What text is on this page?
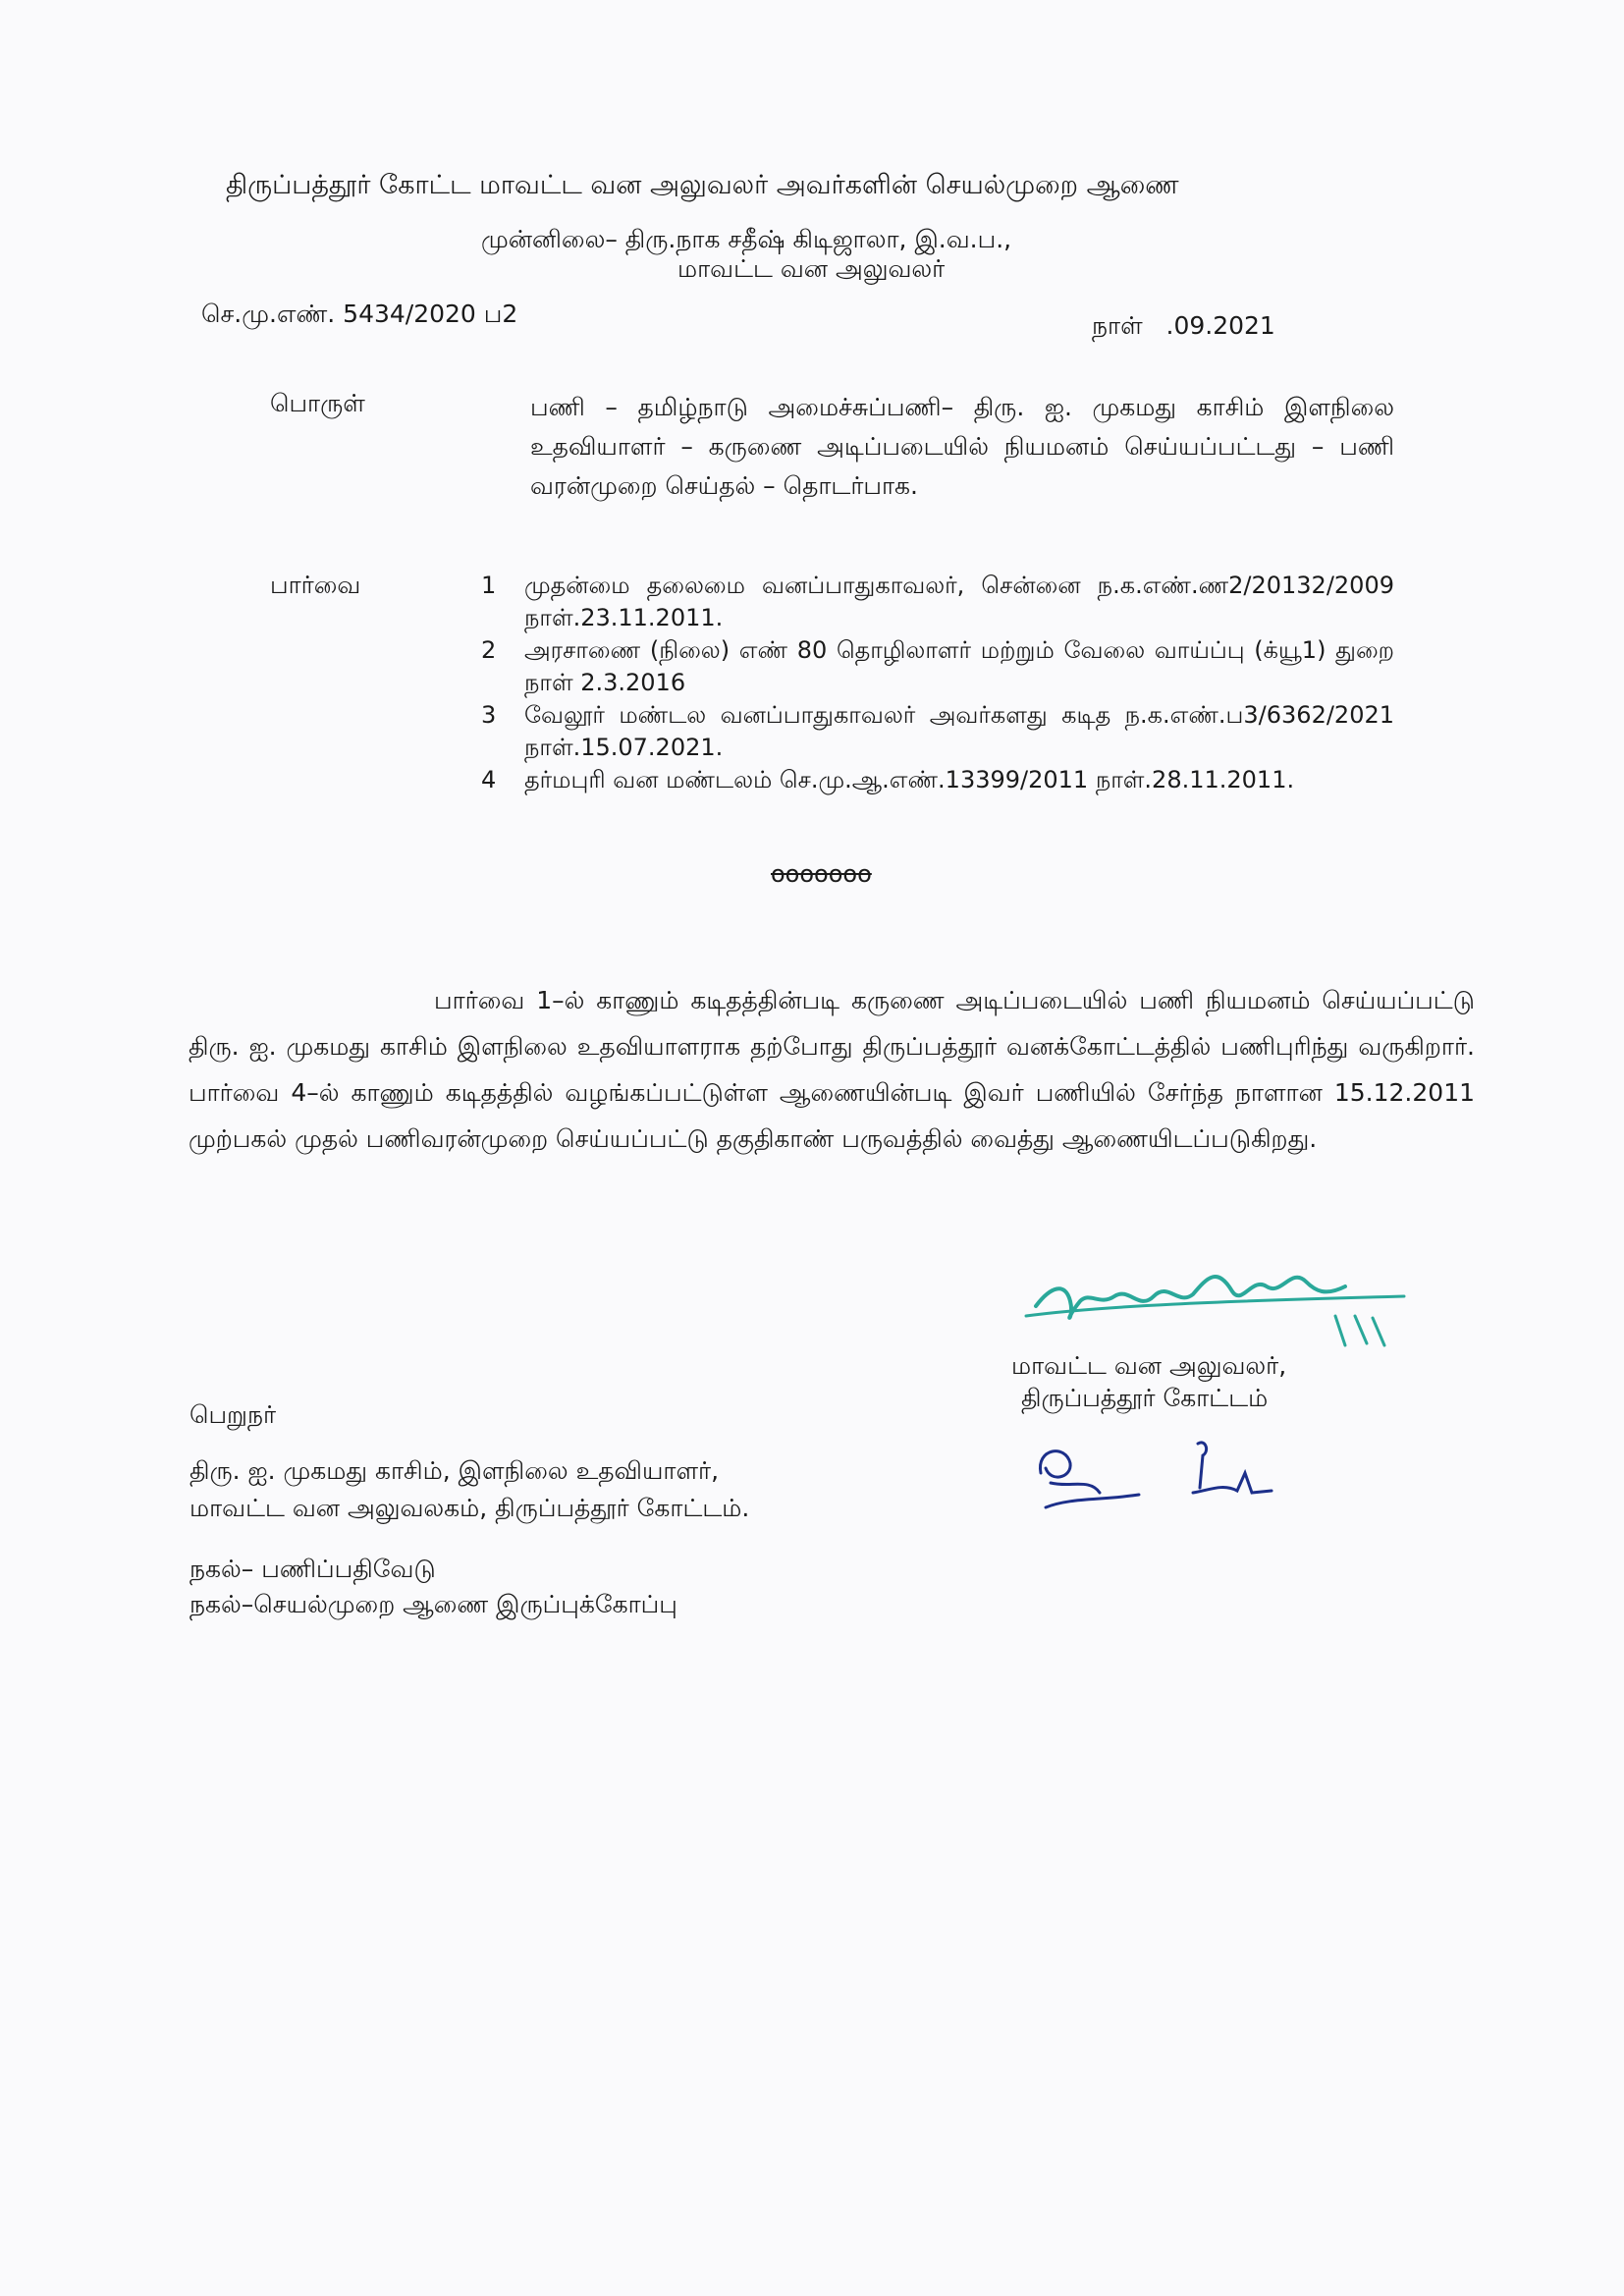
திருப்பத்தூர் கோட்ட மாவட்ட வன அலுவலர் அவர்களின் செயல்முறை ஆணை
முன்னிலை– திரு.நாக சதீஷ் கிடிஜாலா, இ.வ.ப.,
மாவட்ட வன அலுவலர்
செ.மு.எண். 5434/2020 ப2	நாள்   .09.2021
பொருள்	பணி – தமிழ்நாடு அமைச்சுப்பணி– திரு. ஐ. முகமது காசிம் இளநிலை உதவியாளர் – கருணை அடிப்படையில் நியமனம் செய்யப்பட்டது – பணி வரன்முறை செய்தல் – தொடர்பாக.
பார்வை	1 முதன்மை தலைமை வனப்பாதுகாவலர், சென்னை ந.க.எண்.ண2/20132/2009 நாள்.23.11.2011.
2 அரசாணை (நிலை) எண் 80 தொழிலாளர் மற்றும் வேலை வாய்ப்பு (க்யூ1) துறை நாள் 2.3.2016
3 வேலூர் மண்டல வனப்பாதுகாவலர் அவர்களது கடித ந.க.எண்.ப3/6362/2021 நாள்.15.07.2021.
4 தர்மபுரி வன மண்டலம் செ.மு.ஆ.எண்.13399/2011 நாள்.28.11.2011.
ooooooo
பார்வை 1–ல் காணும் கடிதத்தின்படி கருணை அடிப்படையில் பணி நியமனம் செய்யப்பட்டு திரு. ஐ. முகமது காசிம் இளநிலை உதவியாளராக தற்போது திருப்பத்தூர் வனக்கோட்டத்தில் பணிபுரிந்து வருகிறார். பார்வை 4–ல் காணும் கடிதத்தில் வழங்கப்பட்டுள்ள ஆணையின்படி இவர் பணியில் சேர்ந்த நாளான 15.12.2011 முற்பகல் முதல் பணிவரன்முறை செய்யப்பட்டு தகுதிகாண் பருவத்தில் வைத்து ஆணையிடப்படுகிறது.
மாவட்ட வன அலுவலர்,
திருப்பத்தூர் கோட்டம்
பெறுநர்
திரு. ஐ. முகமது காசிம், இளநிலை உதவியாளர்,
மாவட்ட வன அலுவலகம், திருப்பத்தூர் கோட்டம்.
நகல்– பணிப்பதிவேடு
நகல்–செயல்முறை ஆணை இருப்புக்கோப்பு
